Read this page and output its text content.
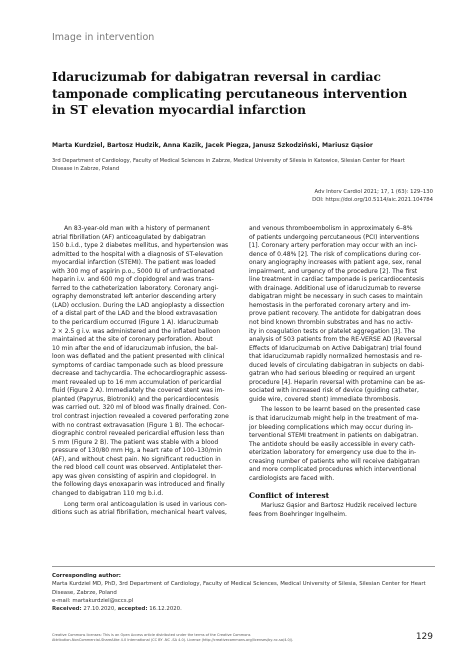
Image in intervention
Idarucizumab for dabigatran reversal in cardiac
tamponade complicating percutaneous intervention
in ST elevation myocardial infarction
Marta Kurdziel, Bartosz Hudzik, Anna Kazik, Jacek Piegza, Janusz Szkodziński, Mariusz Gąsior
3rd Department of Cardiology, Faculty of Medical Sciences in Zabrze, Medical University of Silesia in Katowice, Silesian Center for Heart
Disease in Zabrze, Poland
Adv Interv Cardiol 2021; 17, 1 (63): 129–130
DOI: https://doi.org/10.5114/aic.2021.104784
An 83-year-old man with a history of permanent
atrial fibrillation (AF) anticoagulated by dabigatran
150 b.i.d., type 2 diabetes mellitus, and hypertension was
admitted to the hospital with a diagnosis of ST-elevation
myocardial infarction (STEMI). The patient was loaded
with 300 mg of aspirin p.o., 5000 IU of unfractionated
heparin i.v. and 600 mg of clopidogrel and was trans-
ferred to the catheterization laboratory. Coronary angi-
ography demonstrated left anterior descending artery
(LAD) occlusion. During the LAD angioplasty a dissection
of a distal part of the LAD and the blood extravasation
to the pericardium occurred (Figure 1 A). Idarucizumab
2 × 2.5 g i.v. was administered and the inflated balloon
maintained at the site of coronary perforation. About
10 min after the end of idarucizumab infusion, the bal-
loon was deflated and the patient presented with clinical
symptoms of cardiac tamponade such as blood pressure
decrease and tachycardia. The echocardiographic assess-
ment revealed up to 16 mm accumulation of pericardial
fluid (Figure 2 A). Immediately the covered stent was im-
planted (Papyrus, Biotronik) and the pericardiocentesis
was carried out. 320 ml of blood was finally drained. Con-
trol contrast injection revealed a covered perforating zone
with no contrast extravasation (Figure 1 B). The echocar-
diographic control revealed pericardial effusion less than
5 mm (Figure 2 B). The patient was stable with a blood
pressure of 130/80 mm Hg, a heart rate of 100–130/min
(AF), and without chest pain. No significant reduction in
the red blood cell count was observed. Antiplatelet ther-
apy was given consisting of aspirin and clopidogrel. In
the following days enoxaparin was introduced and finally
changed to dabigatran 110 mg b.i.d.
Long term oral anticoagulation is used in various con-
ditions such as atrial fibrillation, mechanical heart valves,
and venous thromboembolism in approximately 6–8%
of patients undergoing percutaneous (PCI) interventions
[1]. Coronary artery perforation may occur with an inci-
dence of 0.48% [2]. The risk of complications during cor-
onary angiography increases with patient age, sex, renal
impairment, and urgency of the procedure [2]. The first
line treatment in cardiac tamponade is pericardiocentesis
with drainage. Additional use of idarucizumab to reverse
dabigatran might be necessary in such cases to maintain
hemostasis in the perforated coronary artery and im-
prove patient recovery. The antidote for dabigatran does
not bind known thrombin substrates and has no activ-
ity in coagulation tests or platelet aggregation [3]. The
analysis of 503 patients from the RE-VERSE AD (Reversal
Effects of Idarucizumab on Active Dabigatran) trial found
that idarucizumab rapidly normalized hemostasis and re-
duced levels of circulating dabigatran in subjects on dabi-
gatran who had serious bleeding or required an urgent
procedure [4]. Heparin reversal with protamine can be as-
sociated with increased risk of device (guiding catheter,
guide wire, covered stent) immediate thrombosis.
The lesson to be learnt based on the presented case
is that idarucizumab might help in the treatment of ma-
jor bleeding complications which may occur during in-
terventional STEMI treatment in patients on dabigatran.
The antidote should be easily accessible in every cath-
eterization laboratory for emergency use due to the in-
creasing number of patients who will receive dabigatran
and more complicated procedures which interventional
cardiologists are faced with.
Conflict of interest
Mariusz Gąsior and Bartosz Hudzik received lecture
fees from Boehringer Ingelheim.
Corresponding author:
Marta Kurdziel MD, PhD, 3rd Department of Cardiology, Faculty of Medical Sciences, Medical University of Silesia, Silesian Center for Heart
Disease, Zabrze, Poland
e-mail: martakurdziel@sccs.pl
Received: 27.10.2020, accepted: 16.12.2020.
Creative Commons licenses: This is an Open Access article distributed under the terms of the Creative Commons
Attribution-NonCommercial-ShareAlike 4.0 International (CC BY -NC -SA 4.0). License (http://creativecommons.org/licenses/by-nc-sa/4.0/).	129
